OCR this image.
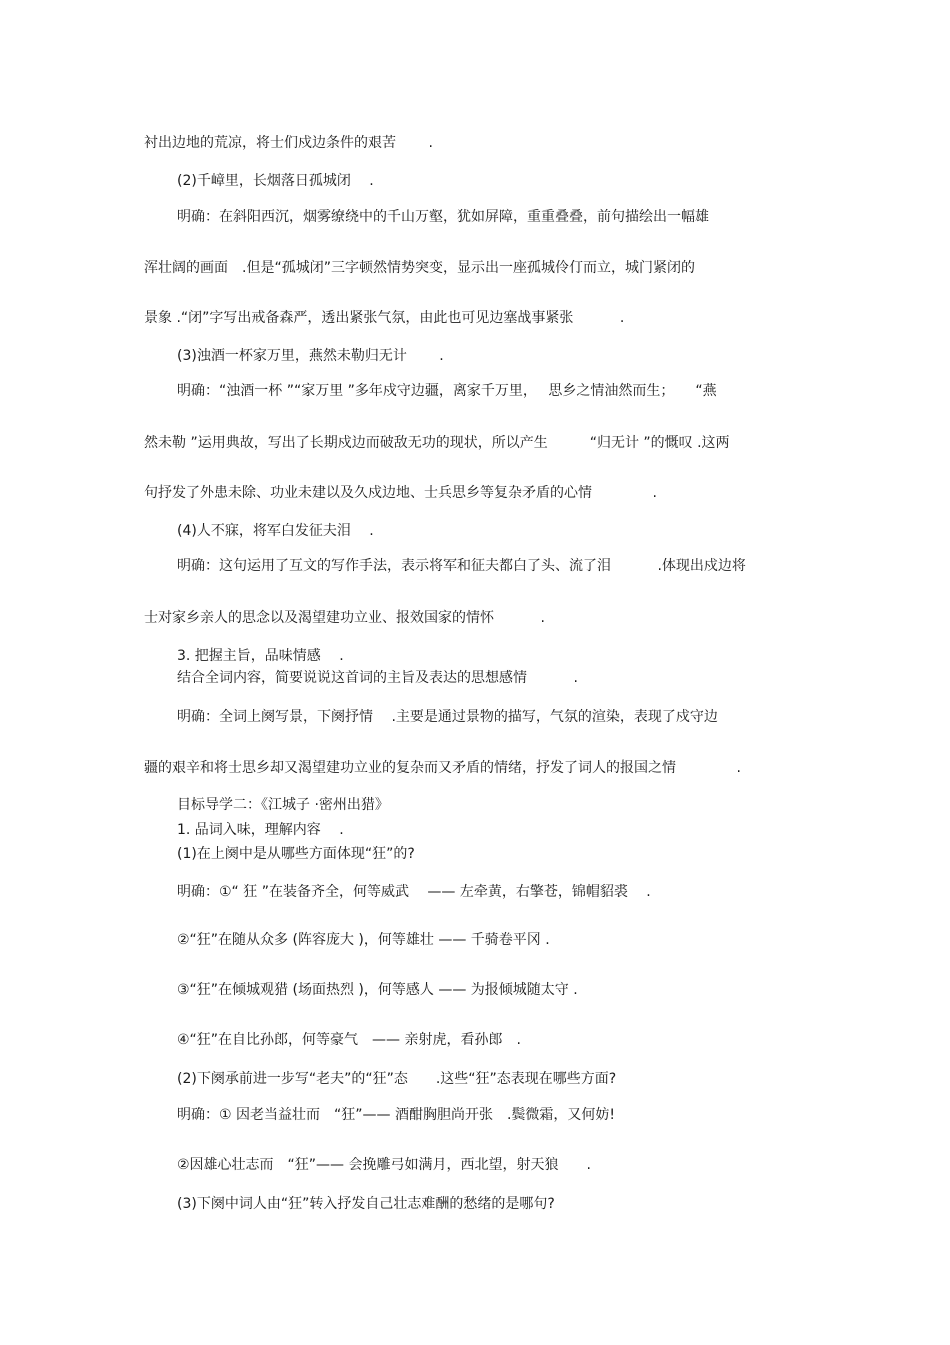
衬出边地的荒凉，将士们戍边条件的艰苦　　 .

(2)千嶂里，长烟落日孤城闭　 .

明确：在斜阳西沉，烟雾缭绕中的千山万壑，犹如屏障，重重叠叠，前句描绘出一幅雄

浑壮阔的画面　.但是“孤城闭”三字顿然情势突变，显示出一座孤城伶仃而立，城门紧闭的

景象 .“闭”字写出戒备森严，透出紧张气氛，由此也可见边塞战事紧张　　　 .

(3)浊酒一杯家万里，燕然未勒归无计　　 .

明确：“浊酒一杯 ”“家万里 ”多年戍守边疆，离家千万里，　 思乡之情油然而生；　　“燕

然未勒 ”运用典故，写出了长期戍边而破敌无功的现状，所以产生　　　“归无计 ”的慨叹 .这两

句抒发了外患未除、功业未建以及久戍边地、士兵思乡等复杂矛盾的心情　　　　 .

(4)人不寐，将军白发征夫泪　 .

明确：这句运用了互文的写作手法，表示将军和征夫都白了头、流了泪　　　 .体现出戍边将

士对家乡亲人的思念以及渴望建功立业、报效国家的情怀　　　 .

3. 把握主旨，品味情感　 .

结合全词内容，简要说说这首词的主旨及表达的思想感情　　　 .

明确：全词上阕写景，下阕抒情　 .主要是通过景物的描写，气氛的渲染，表现了戍守边

疆的艰辛和将士思乡却又渴望建功立业的复杂而又矛盾的情绪，抒发了词人的报国之情　　　　 .

目标导学二：《江城子 ·密州出猎》

1. 品词入味，理解内容　 .

(1)在上阕中是从哪些方面体现“狂”的?

明确：①“ 狂 ”在装备齐全，何等威武　 —— 左牵黄，右擎苍，锦帽貂裘　 .

②“狂”在随从众多 (阵容庞大 )，何等雄壮 —— 千骑卷平冈 .

③“狂”在倾城观猎 (场面热烈 )，何等感人 —— 为报倾城随太守 .

④“狂”在自比孙郎，何等豪气　—— 亲射虎，看孙郎　.

(2)下阕承前进一步写“老夫”的“狂”态　　.这些“狂”态表现在哪些方面?

明确：① 因老当益壮而　“狂”—— 酒酣胸胆尚开张　.鬓微霜，又何妨!

②因雄心壮志而　“狂”—— 会挽雕弓如满月，西北望，射天狼　　.

(3)下阕中词人由“狂”转入抒发自己壮志难酬的愁绪的是哪句?
